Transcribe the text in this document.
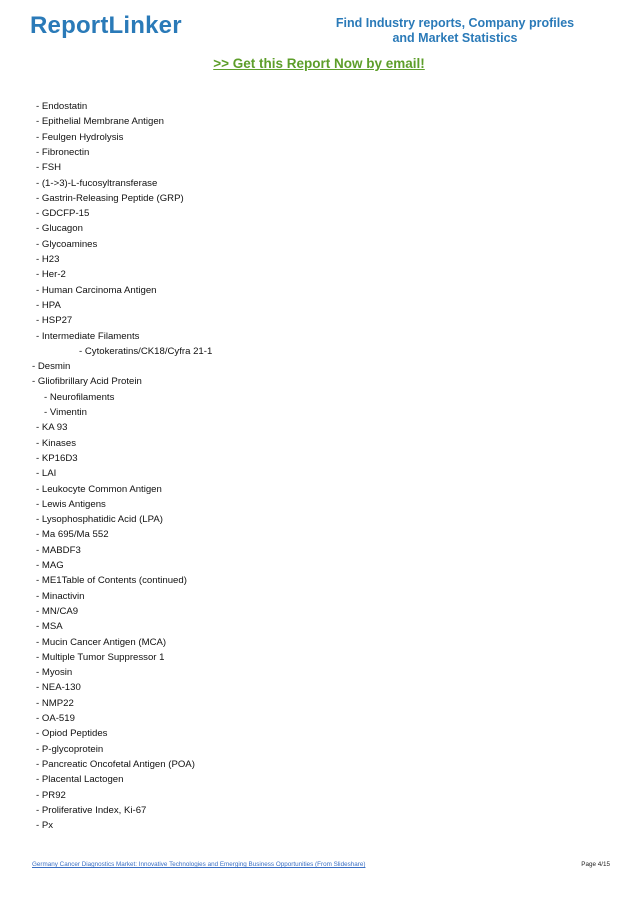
ReportLinker	Find Industry reports, Company profiles
and Market Statistics
>> Get this Report Now by email!
- Endostatin
- Epithelial Membrane Antigen
- Feulgen Hydrolysis
- Fibronectin
- FSH
- (1->3)-L-fucosyltransferase
- Gastrin-Releasing Peptide (GRP)
- GDCFP-15
- Glucagon
- Glycoamines
- H23
- Her-2
- Human Carcinoma Antigen
- HPA
- HSP27
- Intermediate Filaments
- Cytokeratins/CK18/Cyfra 21-1
- Desmin
- Gliofibrillary Acid Protein
- Neurofilaments
- Vimentin
- KA 93
- Kinases
- KP16D3
- LAI
- Leukocyte Common Antigen
- Lewis Antigens
- Lysophosphatidic Acid (LPA)
- Ma 695/Ma 552
- MABDF3
- MAG
- ME1Table of Contents (continued)
- Minactivin
- MN/CA9
- MSA
- Mucin Cancer Antigen (MCA)
- Multiple Tumor Suppressor 1
- Myosin
- NEA-130
- NMP22
- OA-519
- Opiod Peptides
- P-glycoprotein
- Pancreatic Oncofetal Antigen (POA)
- Placental Lactogen
- PR92
- Proliferative Index, Ki-67
- Px
Germany Cancer Diagnostics Market: Innovative Technologies and Emerging Business Opportunities (From Slideshare)	Page 4/15
